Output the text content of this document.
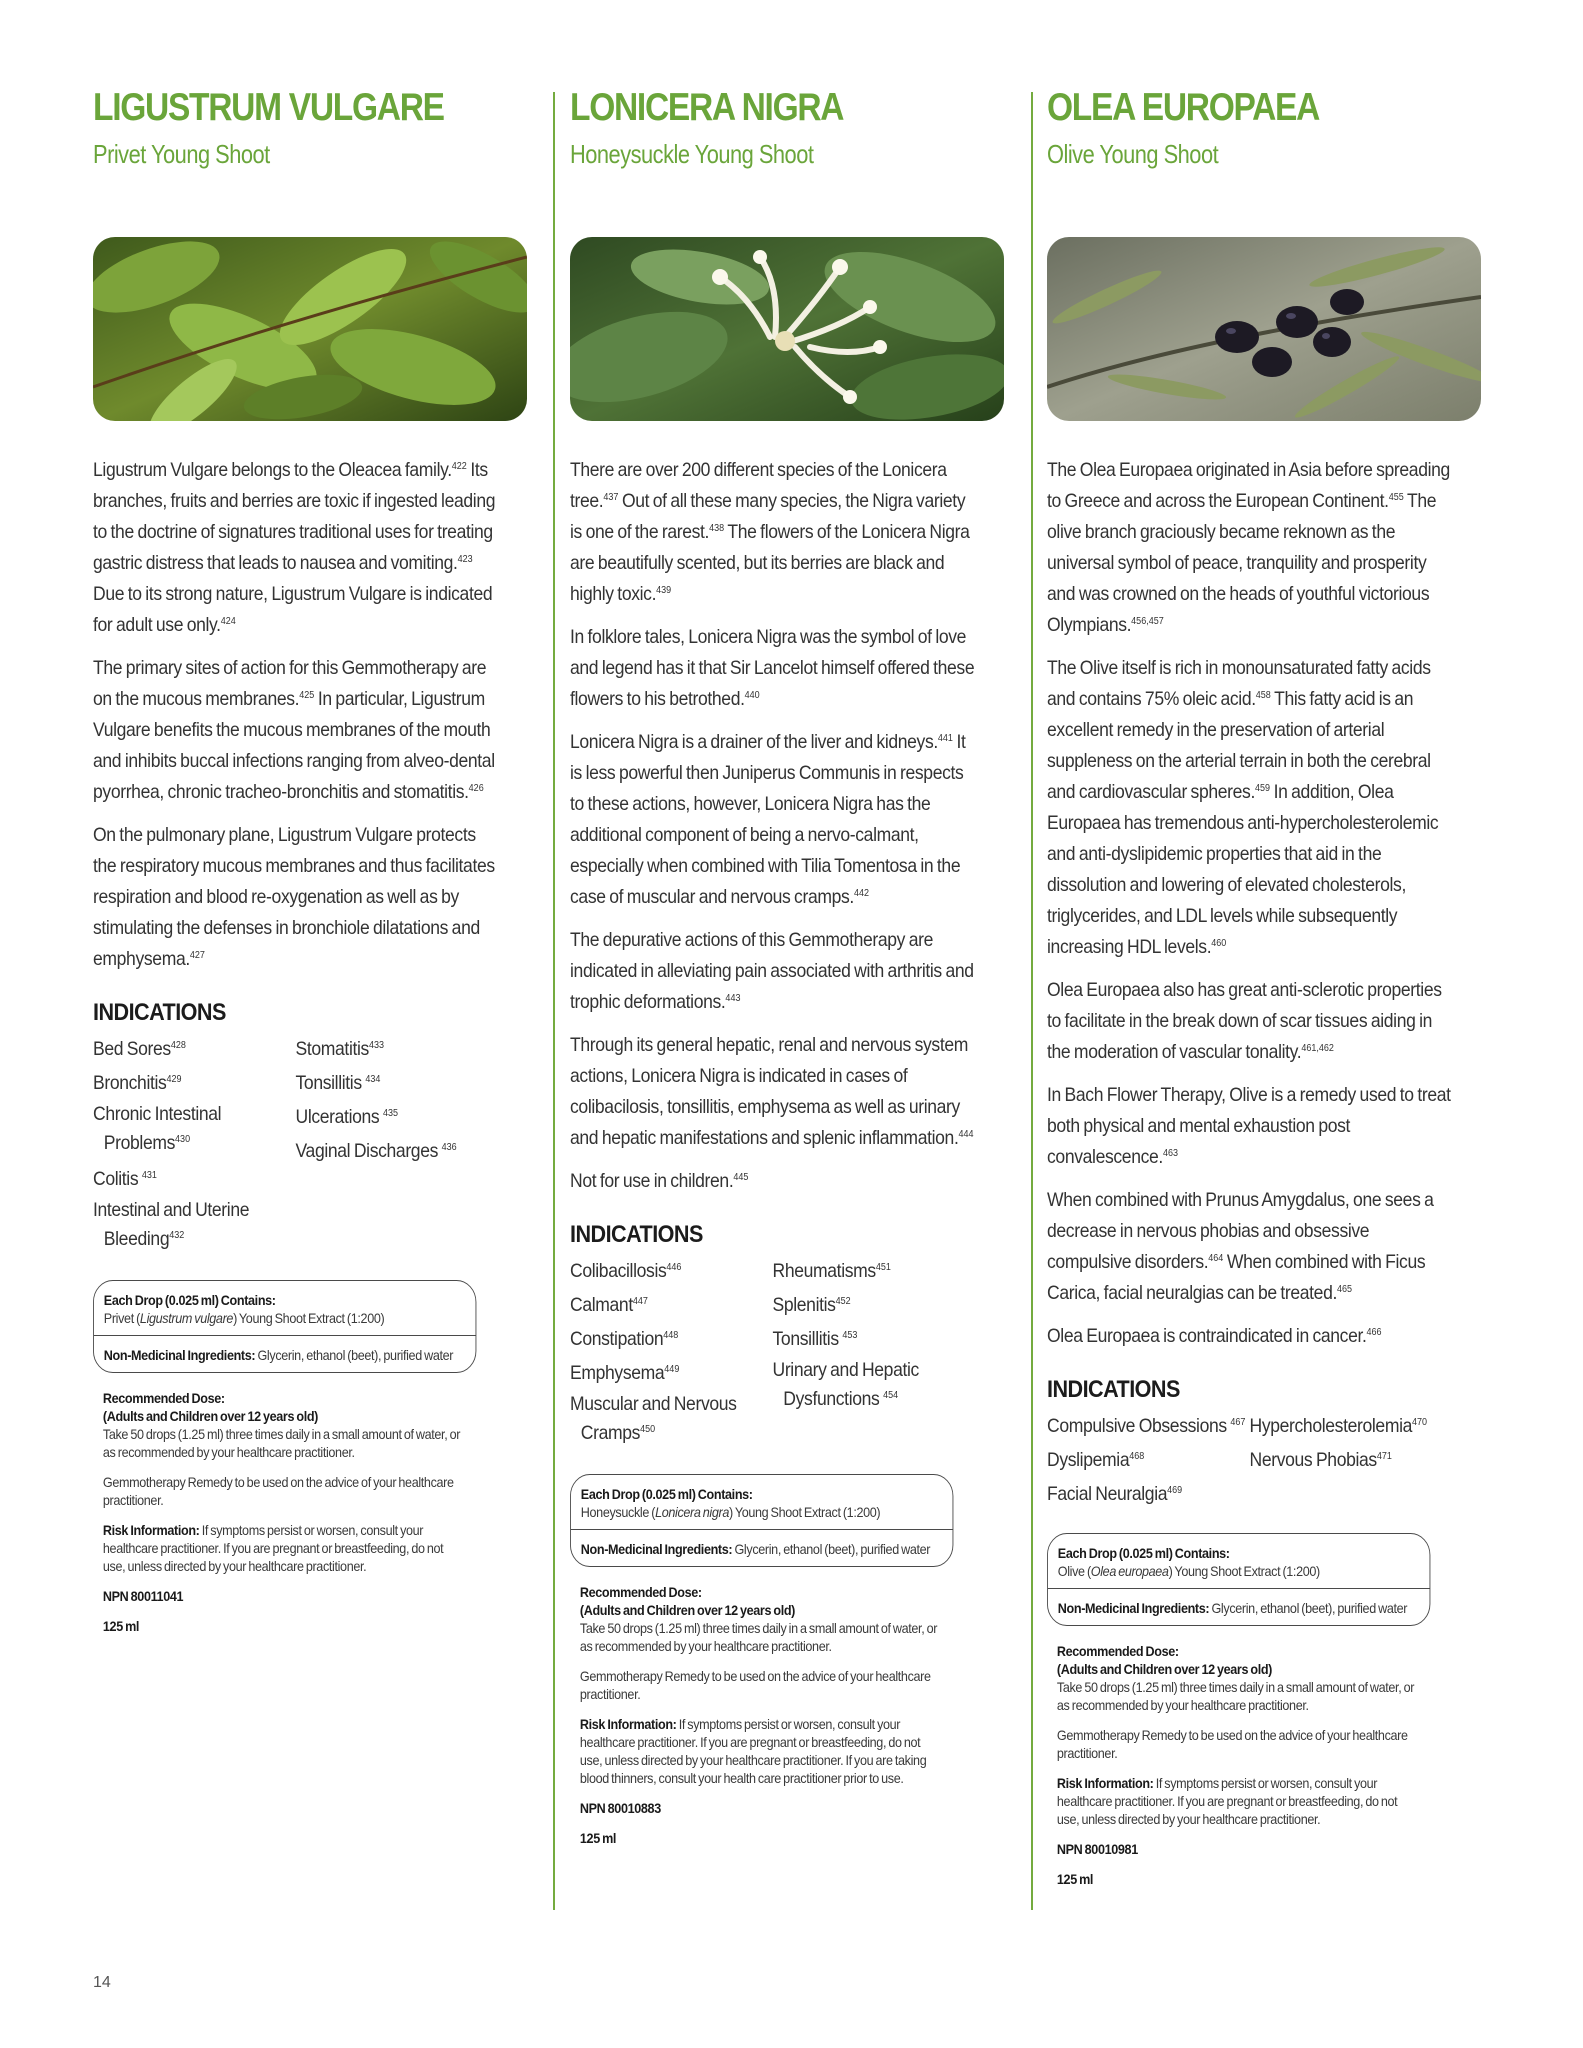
LIGUSTRUM VULGARE
Privet Young Shoot

Ligustrum Vulgare belongs to the Oleacea family.$^{422}$ Its branches, fruits and berries are toxic if ingested leading to the doctrine of signatures traditional uses for treating gastric distress that leads to nausea and vomiting.$^{423}$ Due to its strong nature, Ligustrum Vulgare is indicated for adult use only.$^{424}$

The primary sites of action for this Gemmotherapy are on the mucous membranes.$^{425}$ In particular, Ligustrum Vulgare benefits the mucous membranes of the mouth and inhibits buccal infections ranging from alveo-dental pyorrhea, chronic tracheo-bronchitis and stomatitis.$^{426}$

On the pulmonary plane, Ligustrum Vulgare protects the respiratory mucous membranes and thus facilitates respiration and blood re-oxygenation as well as by stimulating the defenses in bronchiole dilatations and emphysema.$^{427}$

INDICATIONS
Bed Sores$^{428}$
Bronchitis$^{429}$
Chronic Intestinal Problems$^{430}$
Colitis $^{431}$
Intestinal and Uterine Bleeding$^{432}$
Stomatitis$^{433}$
Tonsillitis $^{434}$
Ulcerations $^{435}$
Vaginal Discharges $^{436}$
Each Drop (0.025 ml) Contains:
Privet (Ligustrum vulgare) Young Shoot Extract (1:200)
Non-Medicinal Ingredients: Glycerin, ethanol (beet), purified water

Recommended Dose:
(Adults and Children over 12 years old)
Take 50 drops (1.25 ml) three times daily in a small amount of water, or as recommended by your healthcare practitioner.

Gemmotherapy Remedy to be used on the advice of your healthcare practitioner.

Risk Information: If symptoms persist or worsen, consult your healthcare practitioner. If you are pregnant or breastfeeding, do not use, unless directed by your healthcare practitioner.

NPN 80011041
125 ml
LONICERA NIGRA
Honeysuckle Young Shoot

There are over 200 different species of the Lonicera tree.$^{437}$ Out of all these many species, the Nigra variety is one of the rarest.$^{438}$ The flowers of the Lonicera Nigra are beautifully scented, but its berries are black and highly toxic.$^{439}$

In folklore tales, Lonicera Nigra was the symbol of love and legend has it that Sir Lancelot himself offered these flowers to his betrothed.$^{440}$

Lonicera Nigra is a drainer of the liver and kidneys.$^{441}$ It is less powerful then Juniperus Communis in respects to these actions, however, Lonicera Nigra has the additional component of being a nervo-calmant, especially when combined with Tilia Tomentosa in the case of muscular and nervous cramps.$^{442}$

The depurative actions of this Gemmotherapy are indicated in alleviating pain associated with arthritis and trophic deformations.$^{443}$

Through its general hepatic, renal and nervous system actions, Lonicera Nigra is indicated in cases of colibacilosis, tonsillitis, emphysema as well as urinary and hepatic manifestations and splenic inflammation.$^{444}$

Not for use in children.$^{445}$

INDICATIONS
Colibacillosis$^{446}$
Calmant$^{447}$
Constipation$^{448}$
Emphysema$^{449}$
Muscular and Nervous Cramps$^{450}$
Rheumatisms$^{451}$
Splenitis$^{452}$
Tonsillitis $^{453}$
Urinary and Hepatic Dysfunctions $^{454}$
Each Drop (0.025 ml) Contains:
Honeysuckle (Lonicera nigra) Young Shoot Extract (1:200)
Non-Medicinal Ingredients: Glycerin, ethanol (beet), purified water

Recommended Dose:
(Adults and Children over 12 years old)
Take 50 drops (1.25 ml) three times daily in a small amount of water, or as recommended by your healthcare practitioner.

Gemmotherapy Remedy to be used on the advice of your healthcare practitioner.

Risk Information: If symptoms persist or worsen, consult your healthcare practitioner. If you are pregnant or breastfeeding, do not use, unless directed by your healthcare practitioner. If you are taking blood thinners, consult your health care practitioner prior to use.

NPN 80010883
125 ml
OLEA EUROPAEA
Olive Young Shoot

The Olea Europaea originated in Asia before spreading to Greece and across the European Continent.$^{455}$ The olive branch graciously became reknown as the universal symbol of peace, tranquility and prosperity and was crowned on the heads of youthful victorious Olympians.$^{456,457}$

The Olive itself is rich in monounsaturated fatty acids and contains 75% oleic acid.$^{458}$ This fatty acid is an excellent remedy in the preservation of arterial suppleness on the arterial terrain in both the cerebral and cardiovascular spheres.$^{459}$ In addition, Olea Europaea has tremendous anti-hypercholesterolemic and anti-dyslipidemic properties that aid in the dissolution and lowering of elevated cholesterols, triglycerides, and LDL levels while subsequently increasing HDL levels.$^{460}$

Olea Europaea also has great anti-sclerotic properties to facilitate in the break down of scar tissues aiding in the moderation of vascular tonality.$^{461,462}$

In Bach Flower Therapy, Olive is a remedy used to treat both physical and mental exhaustion post convalescence.$^{463}$

When combined with Prunus Amygdalus, one sees a decrease in nervous phobias and obsessive compulsive disorders.$^{464}$ When combined with Ficus Carica, facial neuralgias can be treated.$^{465}$

Olea Europaea is contraindicated in cancer.$^{466}$

INDICATIONS
Compulsive Obsessions $^{467}$
Dyslipemia$^{468}$
Facial Neuralgia$^{469}$
Hypercholesterolemia$^{470}$
Nervous Phobias$^{471}$
Each Drop (0.025 ml) Contains:
Olive (Olea europaea) Young Shoot Extract (1:200)
Non-Medicinal Ingredients: Glycerin, ethanol (beet), purified water

Recommended Dose:
(Adults and Children over 12 years old)
Take 50 drops (1.25 ml) three times daily in a small amount of water, or as recommended by your healthcare practitioner.

Gemmotherapy Remedy to be used on the advice of your healthcare practitioner.

Risk Information: If symptoms persist or worsen, consult your healthcare practitioner. If you are pregnant or breastfeeding, do not use, unless directed by your healthcare practitioner.

NPN 80010981
125 ml
14
